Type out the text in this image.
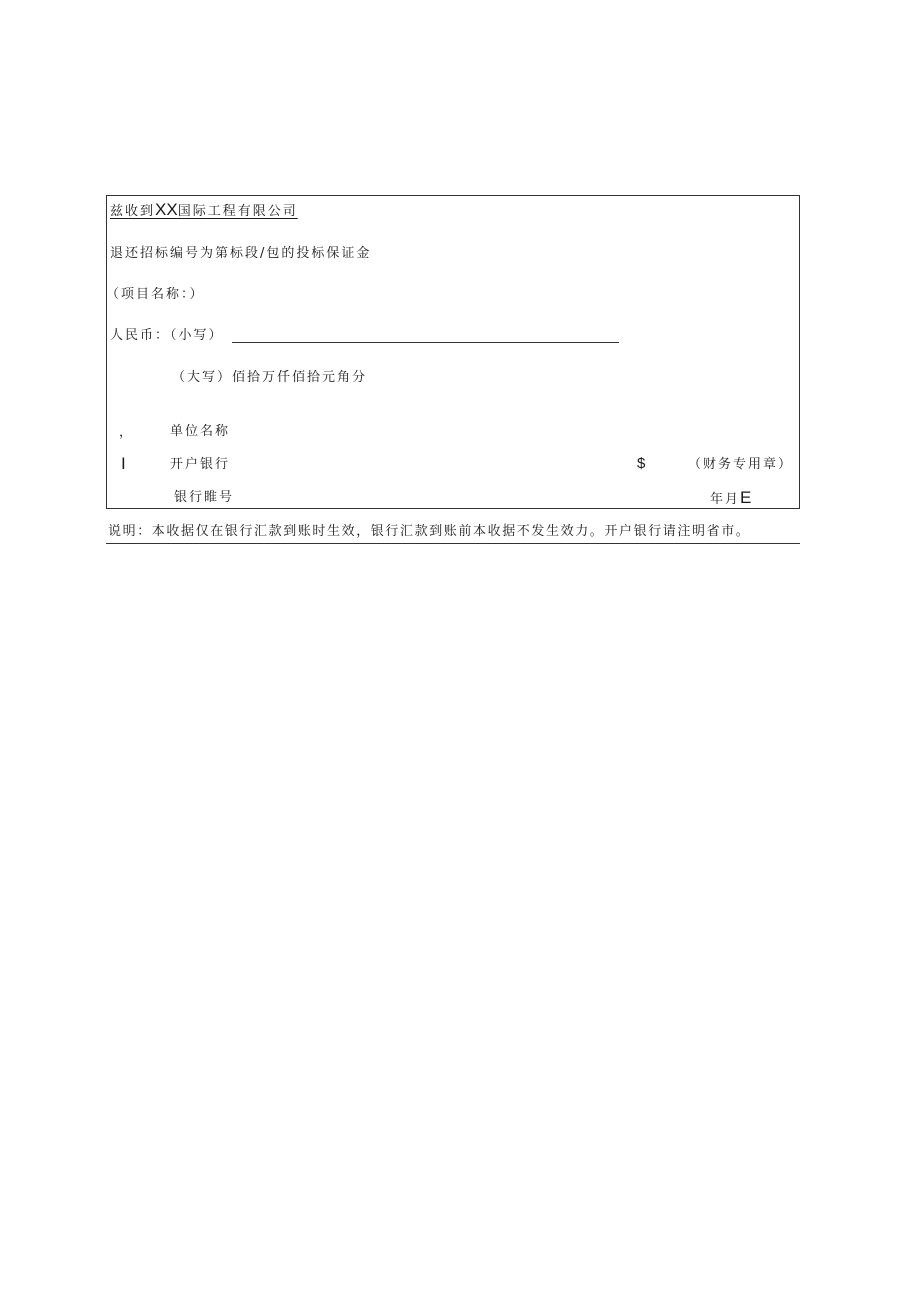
兹收到XX国际工程有限公司
退还招标编号为第标段/包的投标保证金
（项目名称：）
人民币：（小写）
（大写）佰拾万仟佰拾元角分
，	单位名称
I	开户银行	$	（财务专用章）
银行睢号	年月E
说明：本收据仅在银行汇款到账时生效，银行汇款到账前本收据不发生效力。开户银行请注明省市。
